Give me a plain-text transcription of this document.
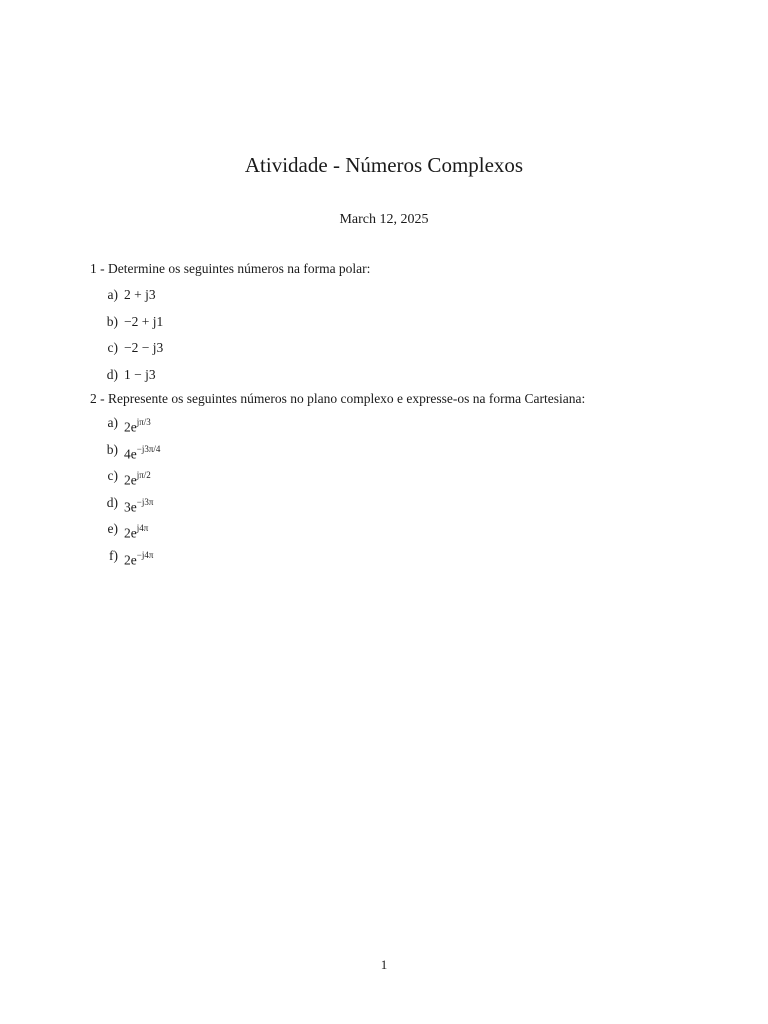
Atividade - Números Complexos
March 12, 2025

1 - Determine os seguintes números na forma polar:

a) 2 + j3
b) −2 + j1
c) −2 − j3
d) 1 − j3

2 - Represente os seguintes números no plano complexo e expresse-os na forma Cartesiana:

a) $2e^{j\pi/3}$
b) $4e^{-j3\pi/4}$
c) $2e^{j\pi/2}$
d) $3e^{-j3\pi}$
e) $2e^{j4\pi}$
f) $2e^{-j4\pi}$
1
